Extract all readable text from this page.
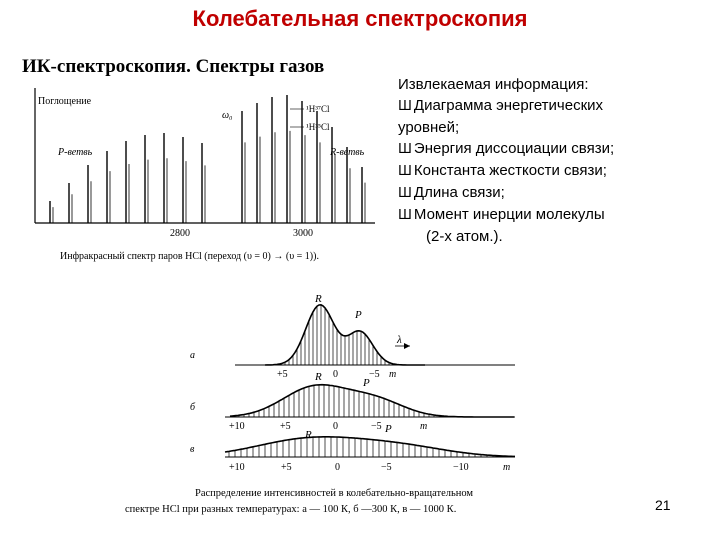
Колебательная спектроскопия
ИК-спектроскопия. Спектры газов
Извлекаемая информация:
Ш Диаграмма энергетических
уровней;
Ш Энергия диссоциации связи;
Ш Константа жесткости связи;
Ш Длина связи;
Ш Момент инерции молекулы
(2-х атом.).
Поглощение
ω₀
¹H³⁷Cl
¹H³⁵Cl
P-ветвь	R-ветвь
2800	3000
Инфракрасный спектр паров HCl (переход (υ = 0) → (υ = 1)).
λ
R
P
а
+5	0	−5 m
R	P
б
+10	+5	0	−5	m
R	P
в
+10	+5	0	−5	−10	m
Распределение интенсивностей в колебательно-вращательном
спектре HCl при разных температурах: а — 100 К, б —300 К, в — 1000 К.	21
